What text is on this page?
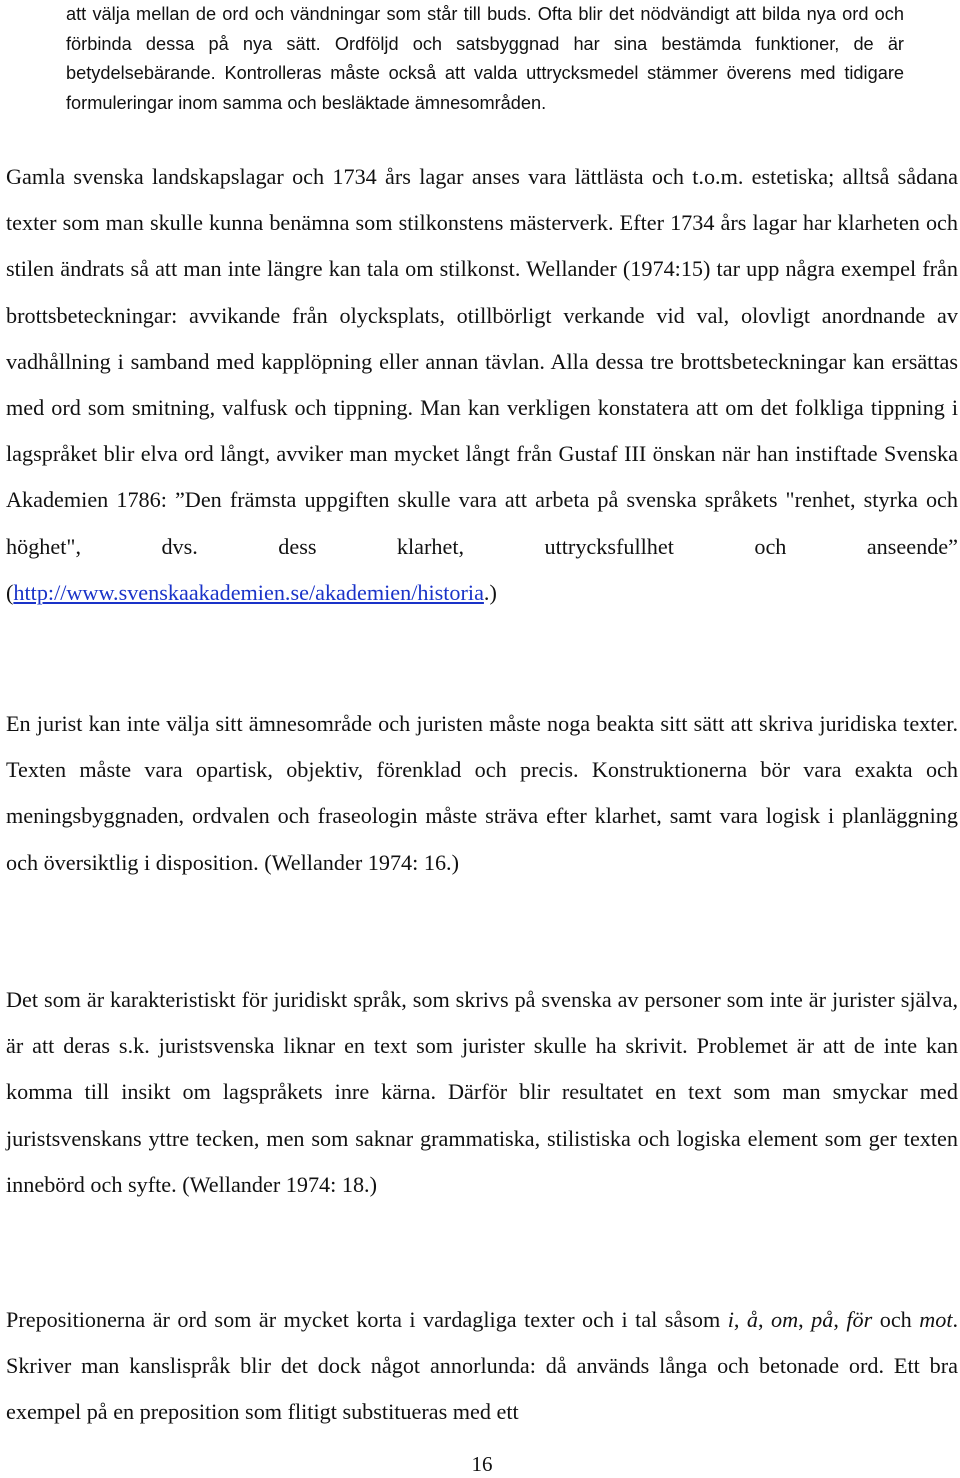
att välja mellan de ord och vändningar som står till buds. Ofta blir det nödvändigt att bilda nya ord och förbinda dessa på nya sätt. Ordföljd och satsbyggnad har sina bestämda funktioner, de är betydelsebärande. Kontrolleras måste också att valda uttrycksmedel stämmer överens med tidigare formuleringar inom samma och besläktade ämnesområden.

Gamla svenska landskapslagar och 1734 års lagar anses vara lättlästa och t.o.m. estetiska; alltså sådana texter som man skulle kunna benämna som stilkonstens mästerverk. Efter 1734 års lagar har klarheten och stilen ändrats så att man inte längre kan tala om stilkonst. Wellander (1974:15) tar upp några exempel från brottsbeteckningar: avvikande från olycksplats, otillbörligt verkande vid val, olovligt anordnande av vadhållning i samband med kapplöpning eller annan tävlan. Alla dessa tre brottsbeteckningar kan ersättas med ord som smitning, valfusk och tippning. Man kan verkligen konstatera att om det folkliga tippning i lagspråket blir elva ord långt, avviker man mycket långt från Gustaf III önskan när han instiftade Svenska Akademien 1786: ”Den främsta uppgiften skulle vara att arbeta på svenska språkets "renhet, styrka och höghet", dvs. dess klarhet, uttrycksfullhet och anseende” (http://www.svenskaakademien.se/akademien/historia.)

En jurist kan inte välja sitt ämnesområde och juristen måste noga beakta sitt sätt att skriva juridiska texter. Texten måste vara opartisk, objektiv, förenklad och precis. Konstruktionerna bör vara exakta och meningsbyggnaden, ordvalen och fraseologin måste sträva efter klarhet, samt vara logisk i planläggning och översiktlig i disposition. (Wellander 1974: 16.)

Det som är karakteristiskt för juridiskt språk, som skrivs på svenska av personer som inte är jurister själva, är att deras s.k. juristsvenska liknar en text som jurister skulle ha skrivit. Problemet är att de inte kan komma till insikt om lagspråkets inre kärna. Därför blir resultatet en text som man smyckar med juristsvenskans yttre tecken, men som saknar grammatiska, stilistiska och logiska element som ger texten innebörd och syfte. (Wellander 1974: 18.)

Prepositionerna är ord som är mycket korta i vardagliga texter och i tal såsom i, å, om, på, för och mot. Skriver man kanslispråk blir det dock något annorlunda: då används långa och betonade ord. Ett bra exempel på en preposition som flitigt substitueras med ett

16
